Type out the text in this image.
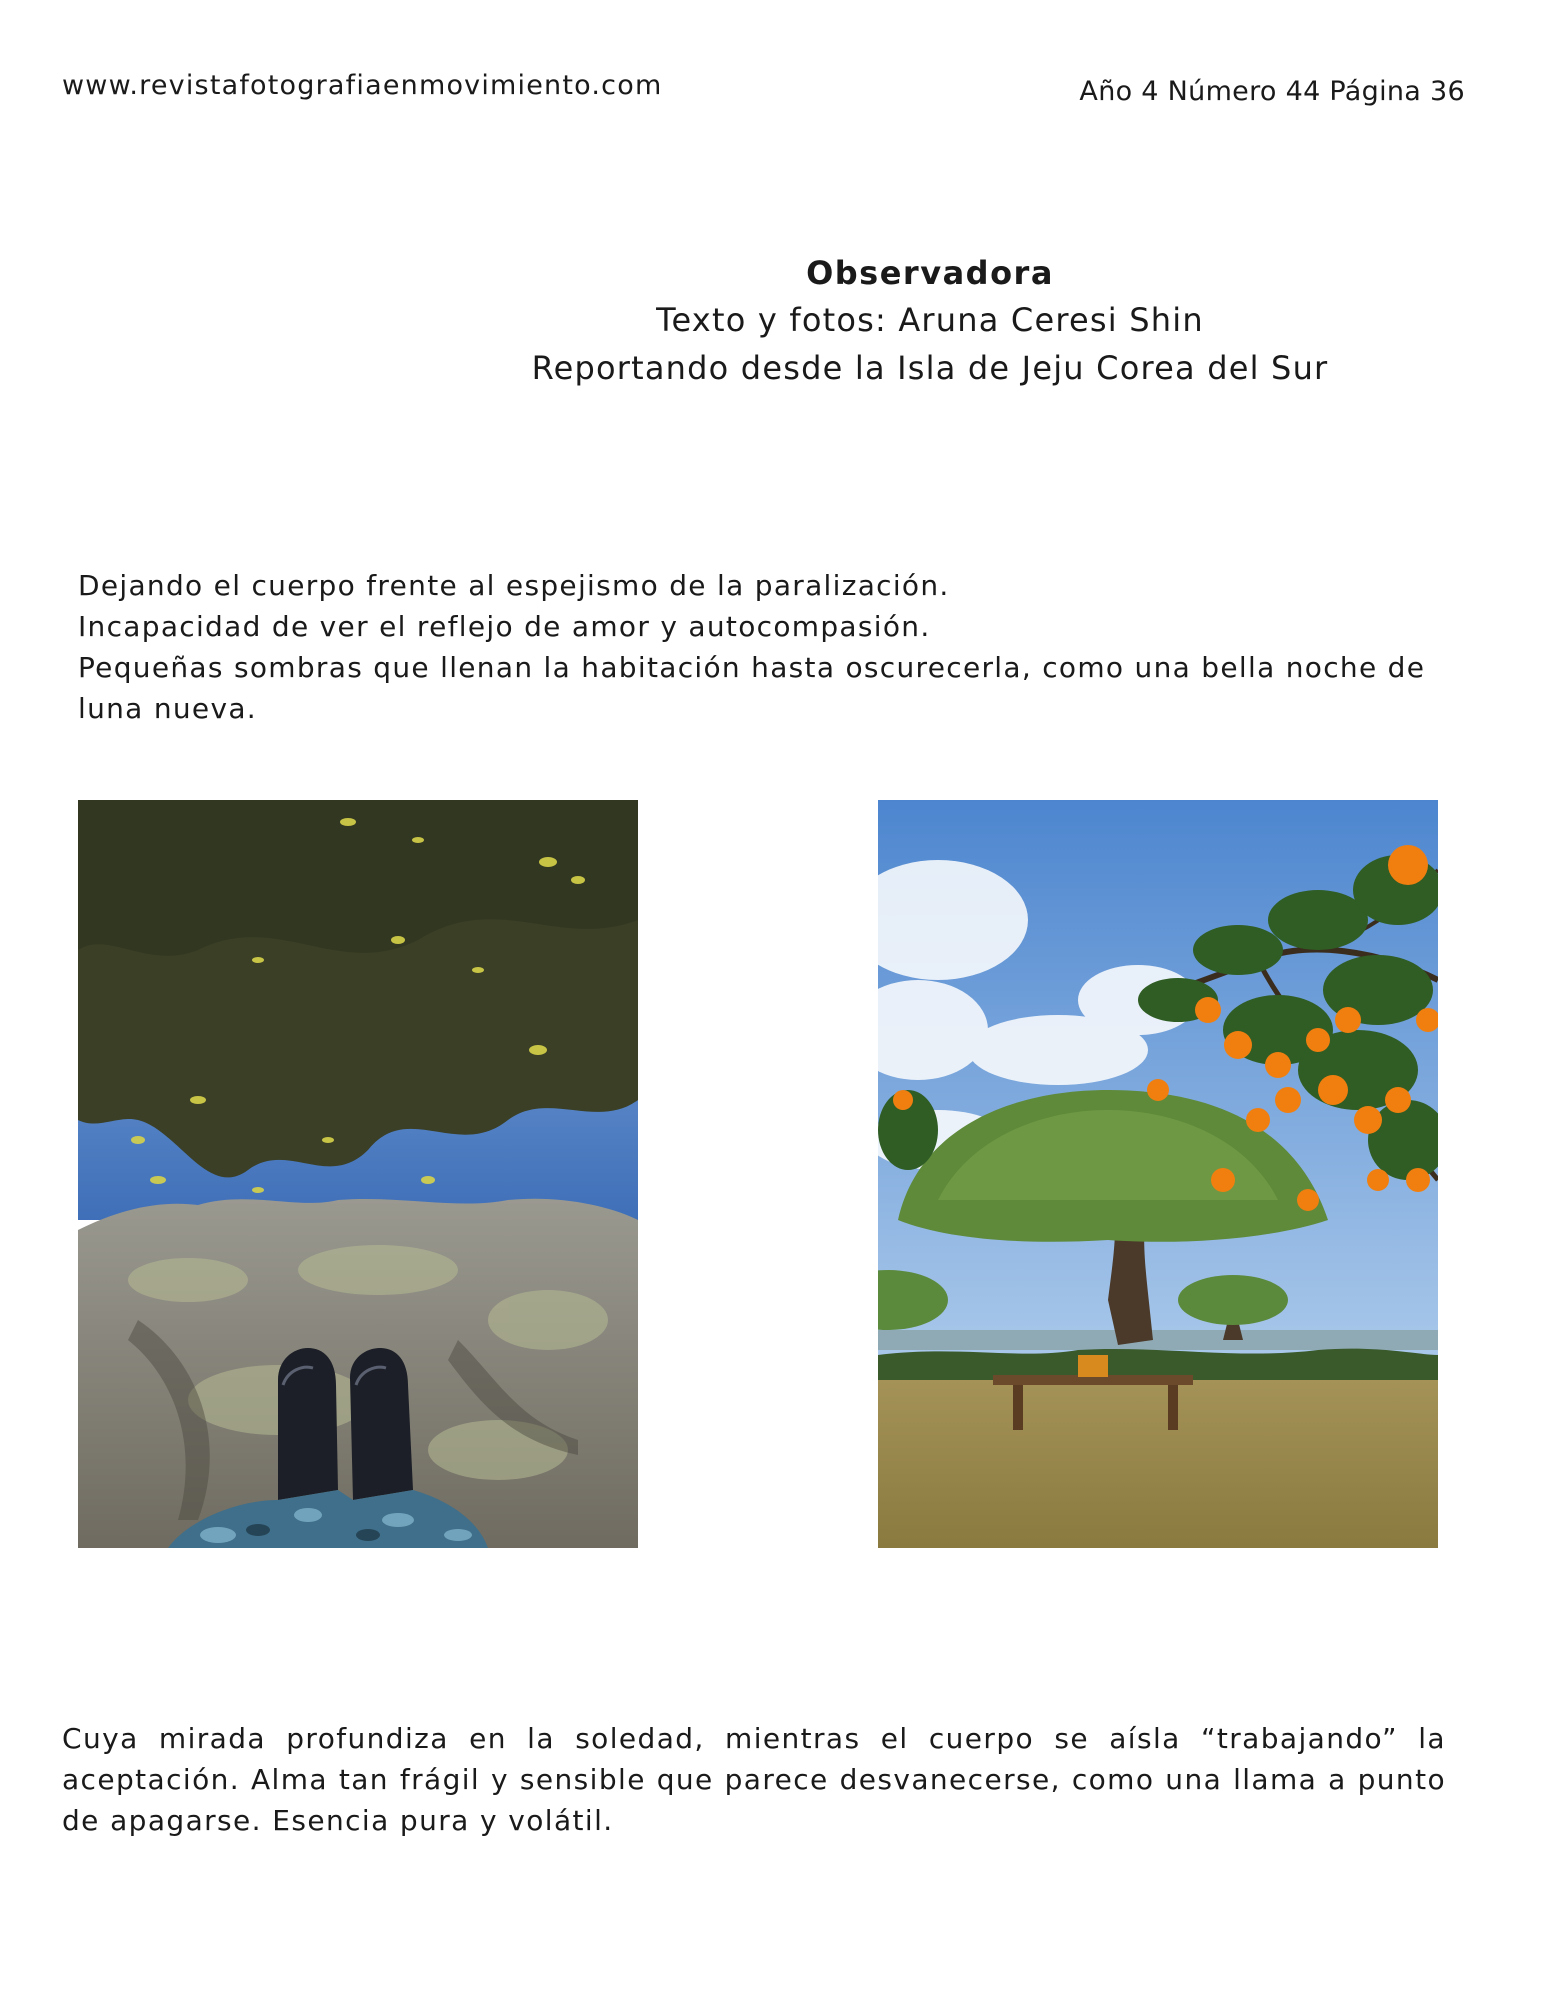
www.revistafotografiaenmovimiento.com	Año 4 Número 44 Página 36
Observadora

Texto y fotos: Aruna Ceresi Shin

Reportando desde la Isla de Jeju Corea del Sur

Dejando el cuerpo frente al espejismo de la paralización.

Incapacidad de ver el reflejo de amor y autocompasión.

Pequeñas sombras que llenan la habitación hasta oscurecerla, como una bella noche de luna nueva.

Cuya mirada profundiza en la soledad, mientras el cuerpo se aísla “trabajando” la aceptación. Alma tan frágil y sensible que parece desvanecerse, como una llama a punto de apagarse. Esencia pura y volátil.
